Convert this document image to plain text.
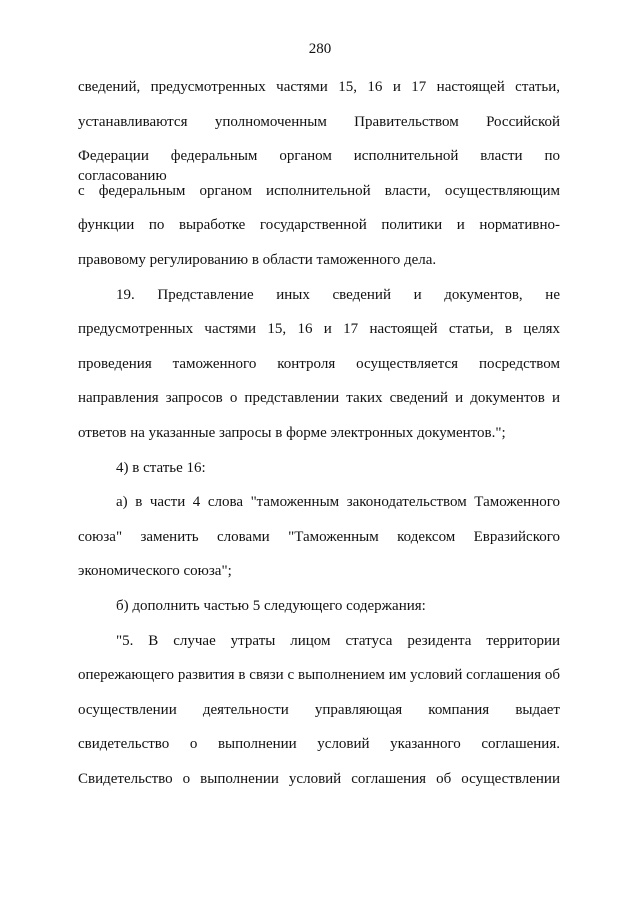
280
сведений, предусмотренных частями 15, 16 и 17 настоящей статьи,
устанавливаются уполномоченным Правительством Российской
Федерации федеральным органом исполнительной власти по согласованию
с федеральным органом исполнительной власти, осуществляющим
функции по выработке государственной политики и нормативно-
правовому регулированию в области таможенного дела.
19. Представление иных сведений и документов, не
предусмотренных частями 15, 16 и 17 настоящей статьи, в целях
проведения таможенного контроля осуществляется посредством
направления запросов о представлении таких сведений и документов и
ответов на указанные запросы в форме электронных документов.";
4) в статье 16:
а) в части 4 слова "таможенным законодательством Таможенного
союза" заменить словами "Таможенным кодексом Евразийского
экономического союза";
б) дополнить частью 5 следующего содержания:
"5. В случае утраты лицом статуса резидента территории
опережающего развития в связи с выполнением им условий соглашения об
осуществлении деятельности управляющая компания выдает
свидетельство о выполнении условий указанного соглашения.
Свидетельство о выполнении условий соглашения об осуществлении
